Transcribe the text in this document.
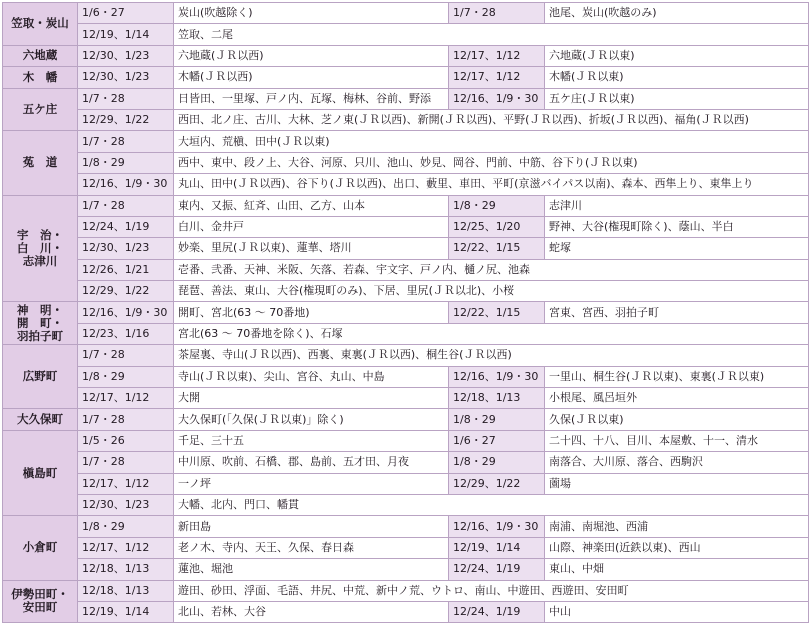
笠取・炭山	1/6・27	炭山(吹越除く)	1/7・28	池尾、炭山(吹越のみ)
	12/19、1/14	笠取、二尾		
六地蔵	12/30、1/23	六地蔵(ＪＲ以西)	12/17、1/12	六地蔵(ＪＲ以東)
木　幡	12/30、1/23	木幡(ＪＲ以西)	12/17、1/12	木幡(ＪＲ以東)
五ケ庄	1/7・28	日皆田、一里塚、戸ノ内、瓦塚、梅林、谷前、野添	12/16、1/9・30	五ケ庄(ＪＲ以東)
	12/29、1/22	西田、北ノ庄、古川、大林、芝ノ東(ＪＲ以西)、新開(ＪＲ以西)、平野(ＪＲ以西)、折坂(ＪＲ以西)、福角(ＪＲ以西)		
菟　道	1/7・28	大垣内、荒槇、田中(ＪＲ以東)		
	1/8・29	西中、東中、段ノ上、大谷、河原、只川、池山、妙見、岡谷、門前、中筋、谷下り(ＪＲ以東)		
	12/16、1/9・30	丸山、田中(ＪＲ以西)、谷下り(ＪＲ以西)、出口、藪里、車田、平町(京滋バイパス以南)、森本、西隼上り、東隼上り		
宇　治・
白　川・
志津川	1/7・28	東内、又振、紅斉、山田、乙方、山本	1/8・29	志津川
	12/24、1/19	白川、金井戸	12/25、1/20	野神、大谷(権現町除く)、蔭山、半白
	12/30、1/23	妙楽、里尻(ＪＲ以東)、蓮華、塔川	12/22、1/15	蛇塚
	12/26、1/21	壱番、弐番、天神、米阪、矢落、若森、宇文字、戸ノ内、樋ノ尻、池森		
	12/29、1/22	琵琶、善法、東山、大谷(権現町のみ)、下居、里尻(ＪＲ以北)、小桜		
神　明・
開　町・
羽拍子町	12/16、1/9・30	開町、宮北(63 ～ 70番地)	12/22、1/15	宮東、宮西、羽拍子町
	12/23、1/16	宮北(63 ～ 70番地を除く)、石塚		
広野町	1/7・28	茶屋裏、寺山(ＪＲ以西)、西裏、東裏(ＪＲ以西)、桐生谷(ＪＲ以西)		
	1/8・29	寺山(ＪＲ以東)、尖山、宮谷、丸山、中島	12/16、1/9・30	一里山、桐生谷(ＪＲ以東)、東裏(ＪＲ以東)
	12/17、1/12	大開	12/18、1/13	小根尾、風呂垣外
大久保町	1/7・28	大久保町(「久保(ＪＲ以東)」除く)	1/8・29	久保(ＪＲ以東)
槇島町	1/5・26	千足、三十五	1/6・27	二十四、十八、目川、本屋敷、十一、清水
	1/7・28	中川原、吹前、石橋、郡、島前、五才田、月夜	1/8・29	南落合、大川原、落合、西駒沢
	12/17、1/12	一ノ坪	12/29、1/22	薗場
	12/30、1/23	大幡、北内、門口、幡貫		
小倉町	1/8・29	新田島	12/16、1/9・30	南浦、南堀池、西浦
	12/17、1/12	老ノ木、寺内、天王、久保、春日森	12/19、1/14	山際、神楽田(近鉄以東)、西山
	12/18、1/13	蓮池、堀池	12/24、1/19	東山、中畑
伊勢田町・
安田町	12/18、1/13	遊田、砂田、浮面、毛語、井尻、中荒、新中ノ荒、ウトロ、南山、中遊田、西遊田、安田町		
	12/19、1/14	北山、若林、大谷	12/24、1/19	中山
